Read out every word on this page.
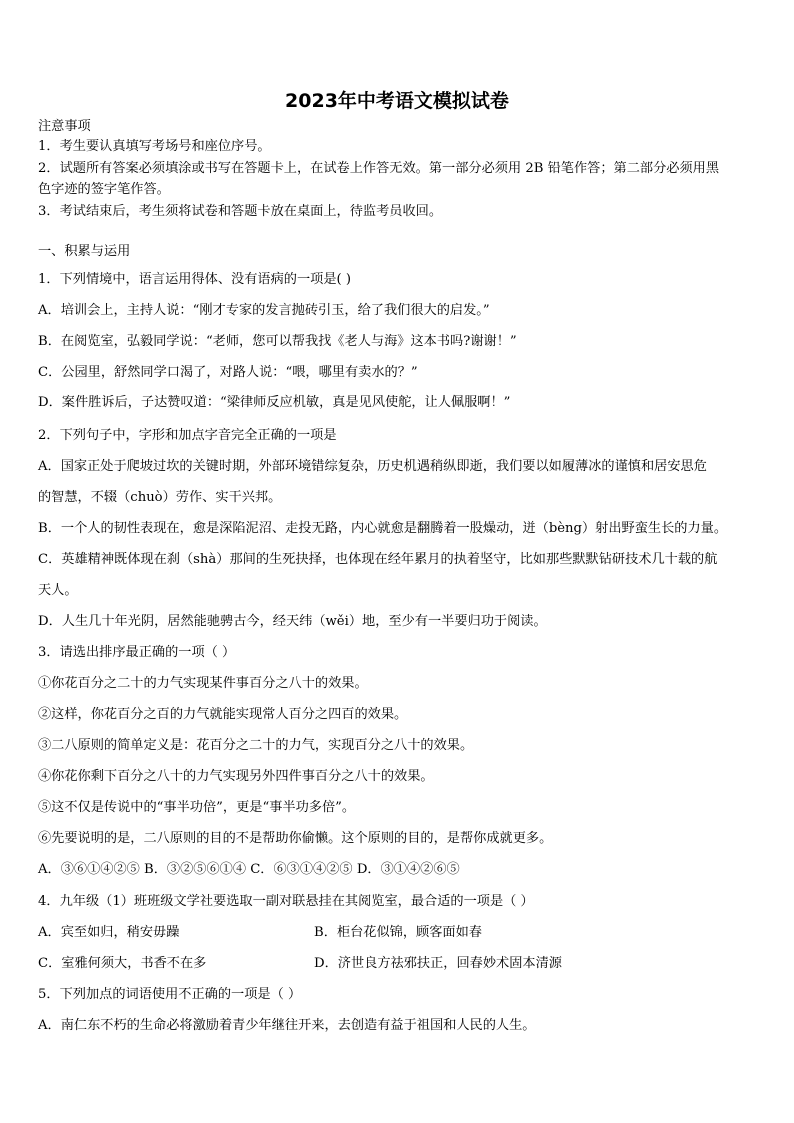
2023年中考语文模拟试卷
注意事项
1．考生要认真填写考场号和座位序号。
2．试题所有答案必须填涂或书写在答题卡上，在试卷上作答无效。第一部分必须用 2B 铅笔作答；第二部分必须用黑
色字迹的签字笔作答。
3．考试结束后，考生须将试卷和答题卡放在桌面上，待监考员收回。
一、积累与运用
1．下列情境中，语言运用得体、没有语病的一项是( )
A．培训会上，主持人说：“刚才专家的发言抛砖引玉，给了我们很大的启发。”
B．在阅览室，弘毅同学说：“老师，您可以帮我找《老人与海》这本书吗?谢谢！”
C．公园里，舒然同学口渴了，对路人说：“喂，哪里有卖水的？”
D．案件胜诉后，子达赞叹道：“梁律师反应机敏，真是见风使舵，让人佩服啊！”
2．下列句子中，字形和加点字音完全正确的一项是
A．国家正处于爬坡过坎的关键时期，外部环境错综复杂，历史机遇稍纵即逝，我们要以如履薄冰的谨慎和居安思危
的智慧，不辍（chuò）劳作、实干兴邦。
B．一个人的韧性表现在，愈是深陷泥沼、走投无路，内心就愈是翻腾着一股燥动，迸（bèng）射出野蛮生长的力量。
C．英雄精神既体现在刹（shà）那间的生死抉择，也体现在经年累月的执着坚守，比如那些默默钻研技术几十载的航
天人。
D．人生几十年光阴，居然能驰骋古今，经天纬（wěi）地，至少有一半要归功于阅读。
3．请选出排序最正确的一项（ ）
①你花百分之二十的力气实现某件事百分之八十的效果。
②这样，你花百分之百的力气就能实现常人百分之四百的效果。
③二八原则的简单定义是：花百分之二十的力气，实现百分之八十的效果。
④你花你剩下百分之八十的力气实现另外四件事百分之八十的效果。
⑤这不仅是传说中的“事半功倍”，更是“事半功多倍”。
⑥先要说明的是，二八原则的目的不是帮助你偷懒。这个原则的目的，是帮你成就更多。
A．③⑥①④②⑤ B．③②⑤⑥①④ C．⑥③①④②⑤ D．③①④②⑥⑤
4．九年级（1）班班级文学社要选取一副对联悬挂在其阅览室，最合适的一项是（ ）
A．宾至如归，稍安毋躁	B．柜台花似锦，顾客面如春
C．室雅何须大，书香不在多	D．济世良方祛邪扶正，回春妙术固本清源
5．下列加点的词语使用不正确的一项是（ ）
A．南仁东不朽的生命必将激励着青少年继往开来，去创造有益于祖国和人民的人生。
